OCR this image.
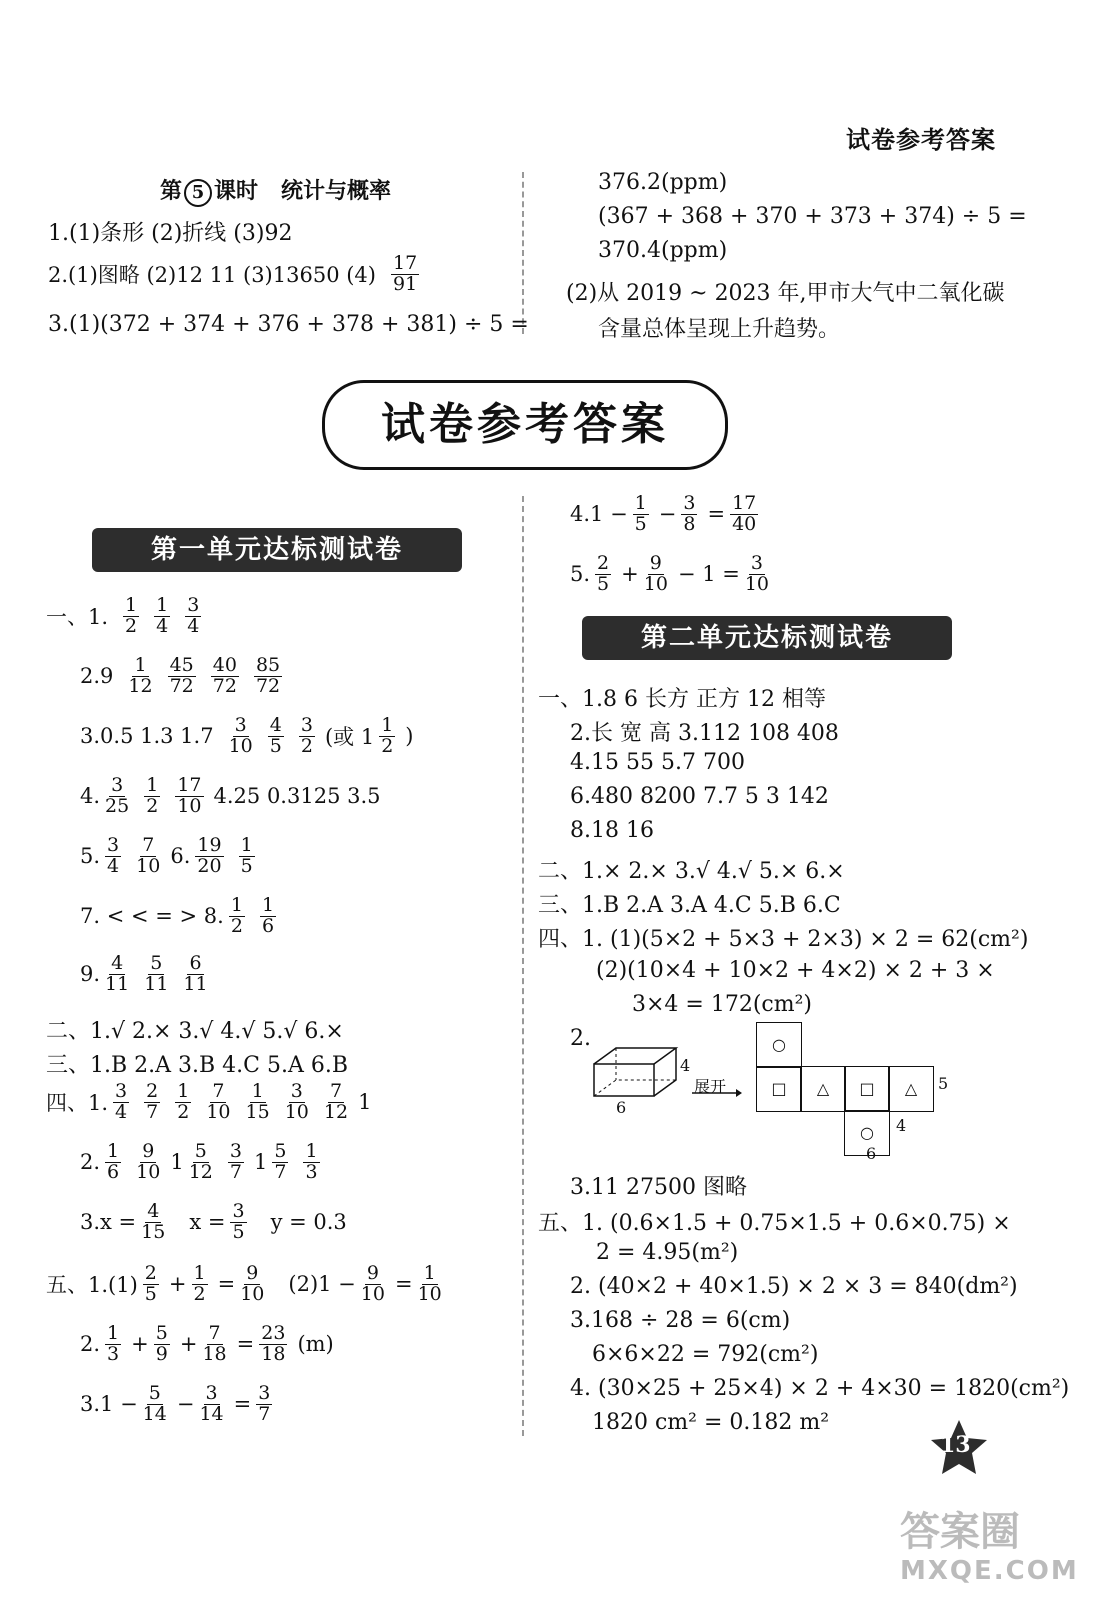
试卷参考答案
第 5 课时 统计与概率
1.(1)条形 (2)折线 (3)92
2.(1)图略 (2)12 11 (3)13650 (4)
17
91
3.(1)(372 + 374 + 376 + 378 + 381) ÷ 5 =
376.2(ppm)
(367 + 368 + 370 + 373 + 374) ÷ 5 =
370.4(ppm)
(2)从 2019 ~ 2023 年,甲市大气中二氧化碳
含量总体呈现上升趋势。
试卷参考答案
第一单元达标测试卷
一、1.
1
2
1
4
3
4
2.9 1
12
45
72
40
72
85
72
3.0.5 1.3 1.7 3
10
4
5
3
2 (或 1
1
2 )
4. 3
25
1
2
17
10 4.25 0.3125 3.5
5. 3
4
7
10 6. 19
20
1
5
7. < < = > 8. 1
2
1
6
9. 4
11
5
11
6
11
二、1.√ 2.× 3.√ 4.√ 5.√ 6.×
三、1.B 2.A 3.B 4.C 5.A 6.B
四、1.
3
4
2
7
1
2
7
10
1
15
3
10
7
12 1
2. 1
6
9
10 1 5
12
3
7 1 5
7
1
3
$3.x = \frac{4}{15}$ $x = \frac{3}{5}$ y = 0.3
五、1.(1)
2
$5 + \frac{1}{2} = \frac{9}{10} (2)1 - \frac{9}{10} = \frac{1}{10}$
2. 1
$3 + \frac{5}{9} + \frac{7}{18} = \frac{23}{18} (m)$
$3.1 - \frac{5}{14} - \frac{3}{14} = \frac{3}{7}$
$4.1 - \frac{1}{5} - \frac{3}{8} = \frac{17}{40}$
5. 2
$5 + \frac{9}{10} - 1 = \frac{3}{10}$
第二单元达标测试卷
一、1.8 6 长方 正方 12 相等
2.长 宽 高 3.112 108 408
4.15 55 5.7 700
6.480 8200 7.7 5 3 142
8.18 16
二、1.× 2.× 3.√ 4.√ 5.× 6.×
三、1.B 2.A 3.A 4.C 5.B 6.C
四、1. (1)(5×2 + 5×3 + 2×3) × 2 = 62(cm²)
(2)(10×4 + 10×2 + 4×2) × 2 + 3 ×
3×4 = 172(cm²)
2.
4
6
展开
○
□	△	□	△
○
5
4
6
3.11 27500 图略
五、1. (0.6×1.5 + 0.75×1.5 + 0.6×0.75) ×
2 = 4.95(m²)
2. (40×2 + 40×1.5) × 2 × 3 = 840(dm²)
3.168 ÷ 28 = 6(cm)
6×6×22 = 792(cm²)
4. (30×25 + 25×4) × 2 + 4×30 = 1820(cm²)
1820 cm² = 0.182 m²
13
答案圈
MXQE.COM
